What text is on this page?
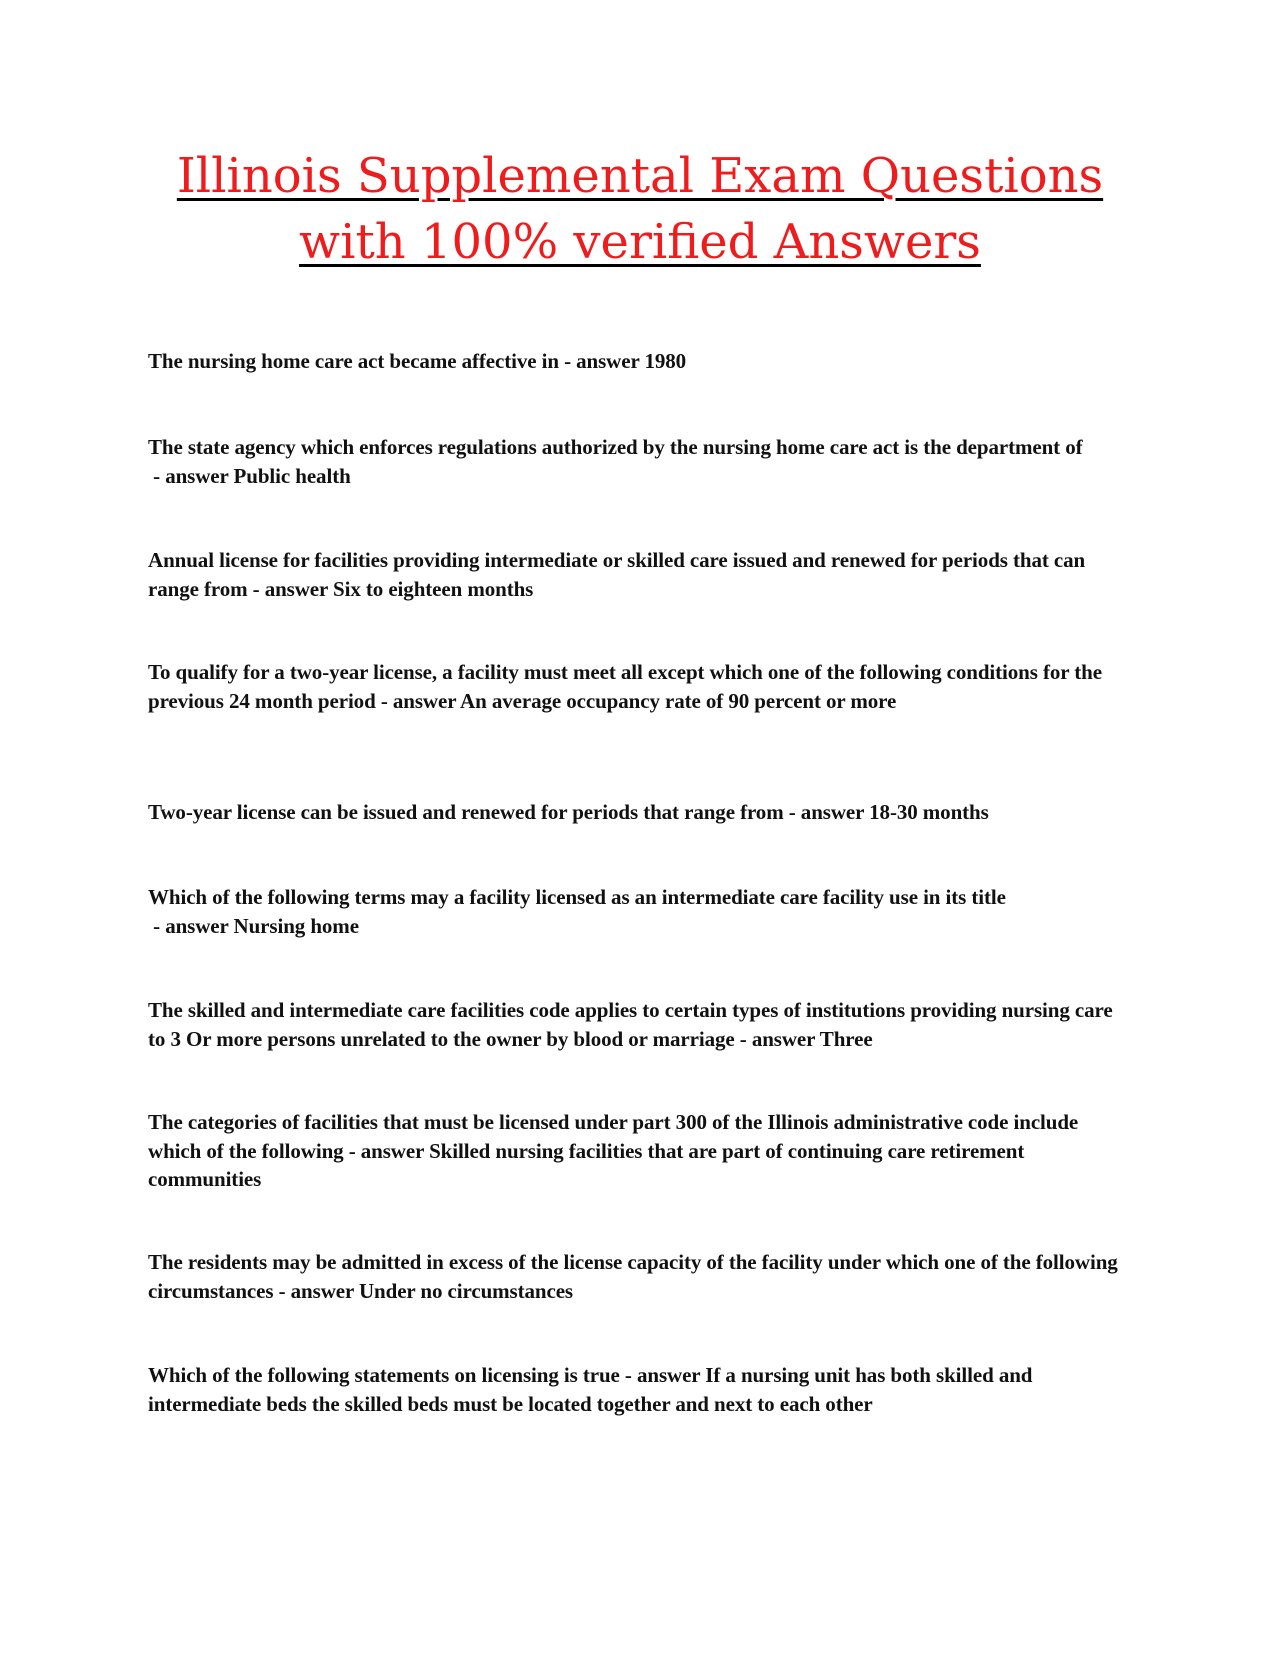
Illinois Supplemental Exam Questions
with 100% verified Answers

The nursing home care act became affective in - answer 1980

The state agency which enforces regulations authorized by the nursing home care act is the department of - answer Public health

Annual license for facilities providing intermediate or skilled care issued and renewed for periods that can range from - answer Six to eighteen months

To qualify for a two-year license, a facility must meet all except which one of the following conditions for the previous 24 month period - answer An average occupancy rate of 90 percent or more

Two-year license can be issued and renewed for periods that range from - answer 18-30 months

Which of the following terms may a facility licensed as an intermediate care facility use in its title - answer Nursing home

The skilled and intermediate care facilities code applies to certain types of institutions providing nursing care to 3 Or more persons unrelated to the owner by blood or marriage - answer Three

The categories of facilities that must be licensed under part 300 of the Illinois administrative code include which of the following - answer Skilled nursing facilities that are part of continuing care retirement communities

The residents may be admitted in excess of the license capacity of the facility under which one of the following circumstances - answer Under no circumstances

Which of the following statements on licensing is true - answer If a nursing unit has both skilled and intermediate beds the skilled beds must be located together and next to each other
